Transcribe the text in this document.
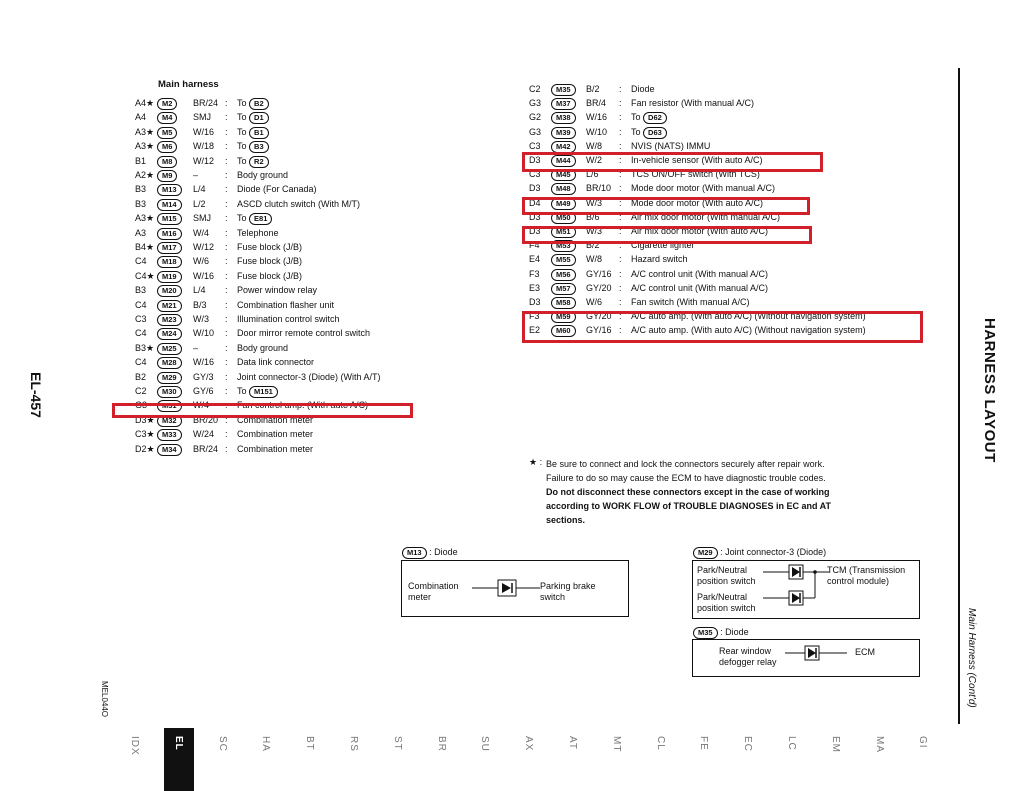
Main harness
A4★	M2	BR/24 : To B2
A4	M4	SMJ : To D1
A3★	M5	W/16 : To B1
A3★	M6	W/18 : To B3
B1	M8	W/12 : To R2
A2★	M9	–	: Body ground
B3	M13	L/4 : Diode (For Canada)
B3	M14	L/2 : ASCD clutch switch (With M/T)
A3★	M15	SMJ : To E81
A3	M16	W/4 : Telephone
B4★	M17	W/12 : Fuse block (J/B)
C4	M18	W/6 : Fuse block (J/B)
C4★ M19	W/16 : Fuse block (J/B)
B3	M20	L/4 : Power window relay
C4	M21	B/3 : Combination flasher unit
C3	M23	W/3 : Illumination control switch
C4	M24	W/10 : Door mirror remote control switch
B3★	M25	–	: Body ground
C4	M28	W/16 : Data link connector
B2	M29	GY/3 : Joint connector-3 (Diode) (With A/T)
C2	M30	GY/6 : To M151
G3	M31	W/4 : Fan control amp. (With auto A/C)
D3★ M32	BR/20 : Combination meter
C3★ M33	W/24 : Combination meter
D2★ M34	BR/24 : Combination meter
C2	M35	B/2 : Diode
G3	M37	BR/4 : Fan resistor (With manual A/C)
G2	M38	W/16 : To D62
G3	M39	W/10 : To D63
C3	M42	W/8 : NVIS (NATS) IMMU
D3	M44	W/2 : In-vehicle sensor (With auto A/C)
C3	M45	L/6 : TCS ON/OFF switch (With TCS)
D3	M48	BR/10 : Mode door motor (With manual A/C)
D4	M49	W/3 : Mode door motor (With auto A/C)
D3	M50	B/6 : Air mix door motor (With manual A/C)
D3	M51	W/3 : Air mix door motor (With auto A/C)
F4	M53	B/2 : Cigarette lighter
E4	M55	W/8 : Hazard switch
F3	M56	GY/16 : A/C control unit (With manual A/C)
E3	M57	GY/20 : A/C control unit (With manual A/C)
D3	M58	W/6 : Fan switch (With manual A/C)
F3	M59	GY/20 : A/C auto amp. (With auto A/C) (Without navigation system)
E2	M60	GY/16 : A/C auto amp. (With auto A/C) (Without navigation system)
★ : Be sure to connect and lock the connectors securely after repair work.
Failure to do so may cause the ECM to have diagnostic trouble codes.
Do not disconnect these connectors except in the case of working
according to WORK FLOW of TROUBLE DIAGNOSES in EC and AT
sections.
M13 : Diode
Combination
meter
Parking brake
switch
M29 : Joint connector-3 (Diode)
Park/Neutral
position switch
Park/Neutral
position switch
TCM (Transmission
control module)
M35 : Diode
Rear window
defogger relay
ECM
EL-457
MEL044O
HARNESS LAYOUT
Main Harness (Cont'd)
IDX	EL	SC	HA	BT	RS	ST	BR	SU	AX	AT	MT	CL	FE	EC	LC	EM	MA	GI
